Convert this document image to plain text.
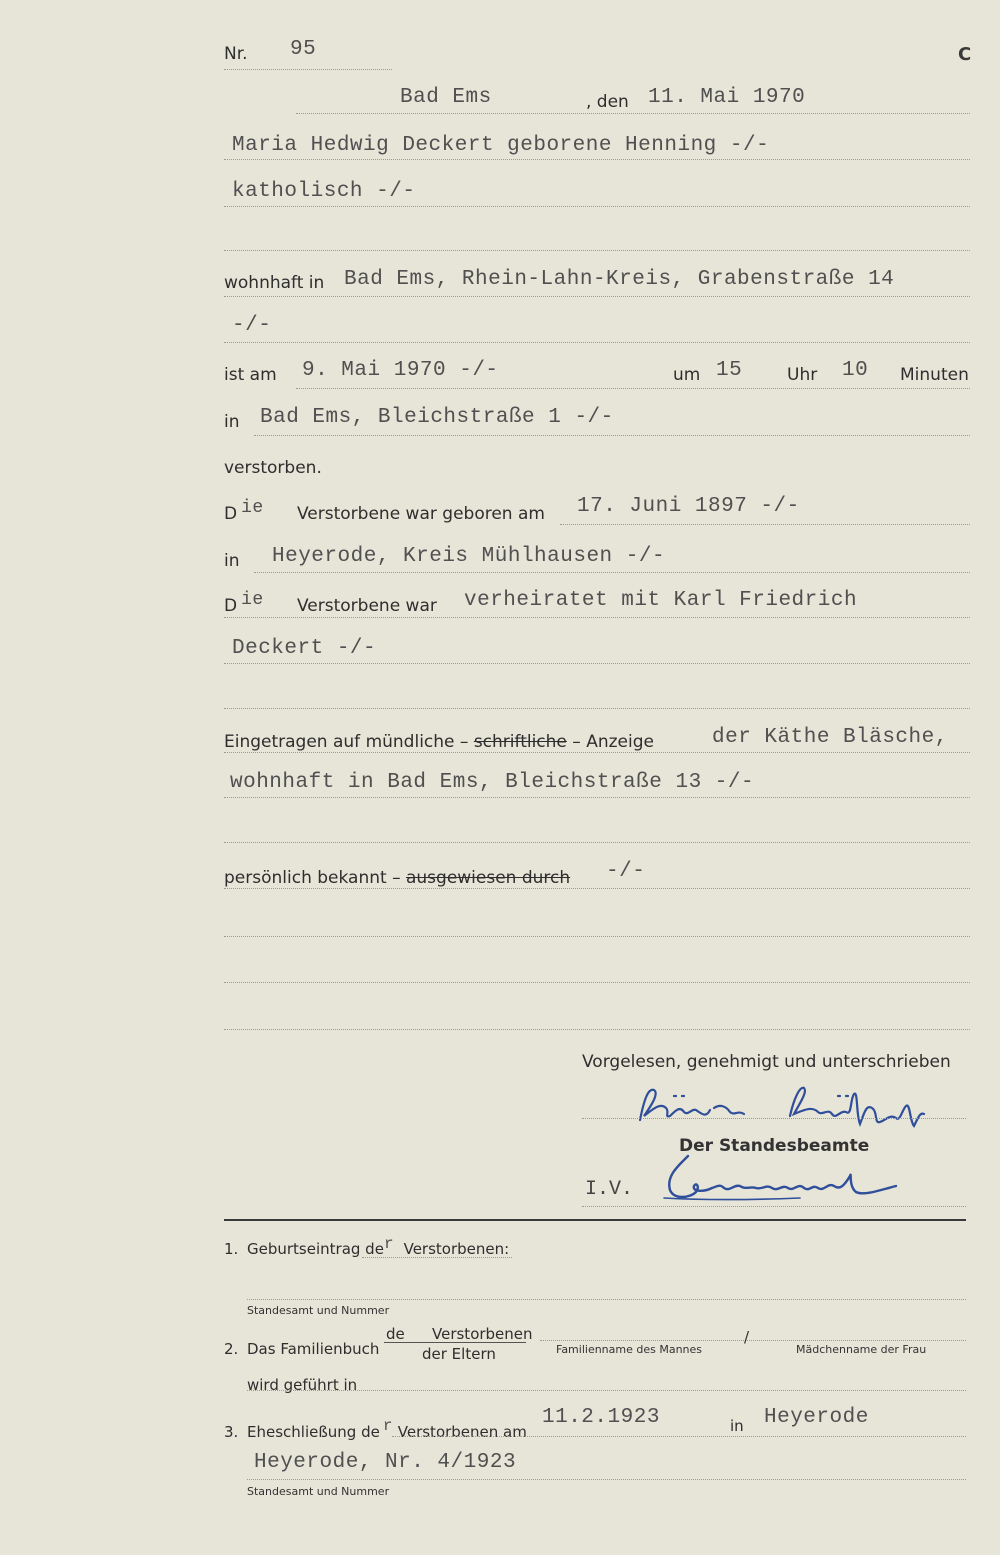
Nr. 95	C
Bad Ems	, den 11. Mai 1970
Maria Hedwig Deckert geborene Henning -/-
katholisch -/-
wohnhaft in Bad Ems, Rhein-Lahn-Kreis, Grabenstraße 14
-/-
ist am 9. Mai 1970 -/-	um 15	Uhr 10 Minuten
in Bad Ems, Bleichstraße 1 -/-
verstorben.
D ie Verstorbene war geboren am 17. Juni 1897 -/-
in Heyerode, Kreis Mühlhausen -/-
D ie Verstorbene war verheiratet mit Karl Friedrich
Deckert -/-
Eingetragen auf mündliche – schriftliche – Anzeige	der Käthe Bläsche,
wohnhaft in Bad Ems, Bleichstraße 13 -/-
persönlich bekannt – ausgewiesen durch -/-
Vorgelesen, genehmigt und unterschrieben
Der Standesbeamte
I.V.
1. Geburtseintrag der Verstorbenen:
Standesamt und Nummer
2. Das Familienbuch
de Verstorbenen
der Eltern	Familienname des Mannes
/
Mädchenname der Frau
wird geführt in
3. Eheschließung de r Verstorbenen am
11.2.1923	in Heyerode
Heyerode, Nr. 4/1923
Standesamt und Nummer
